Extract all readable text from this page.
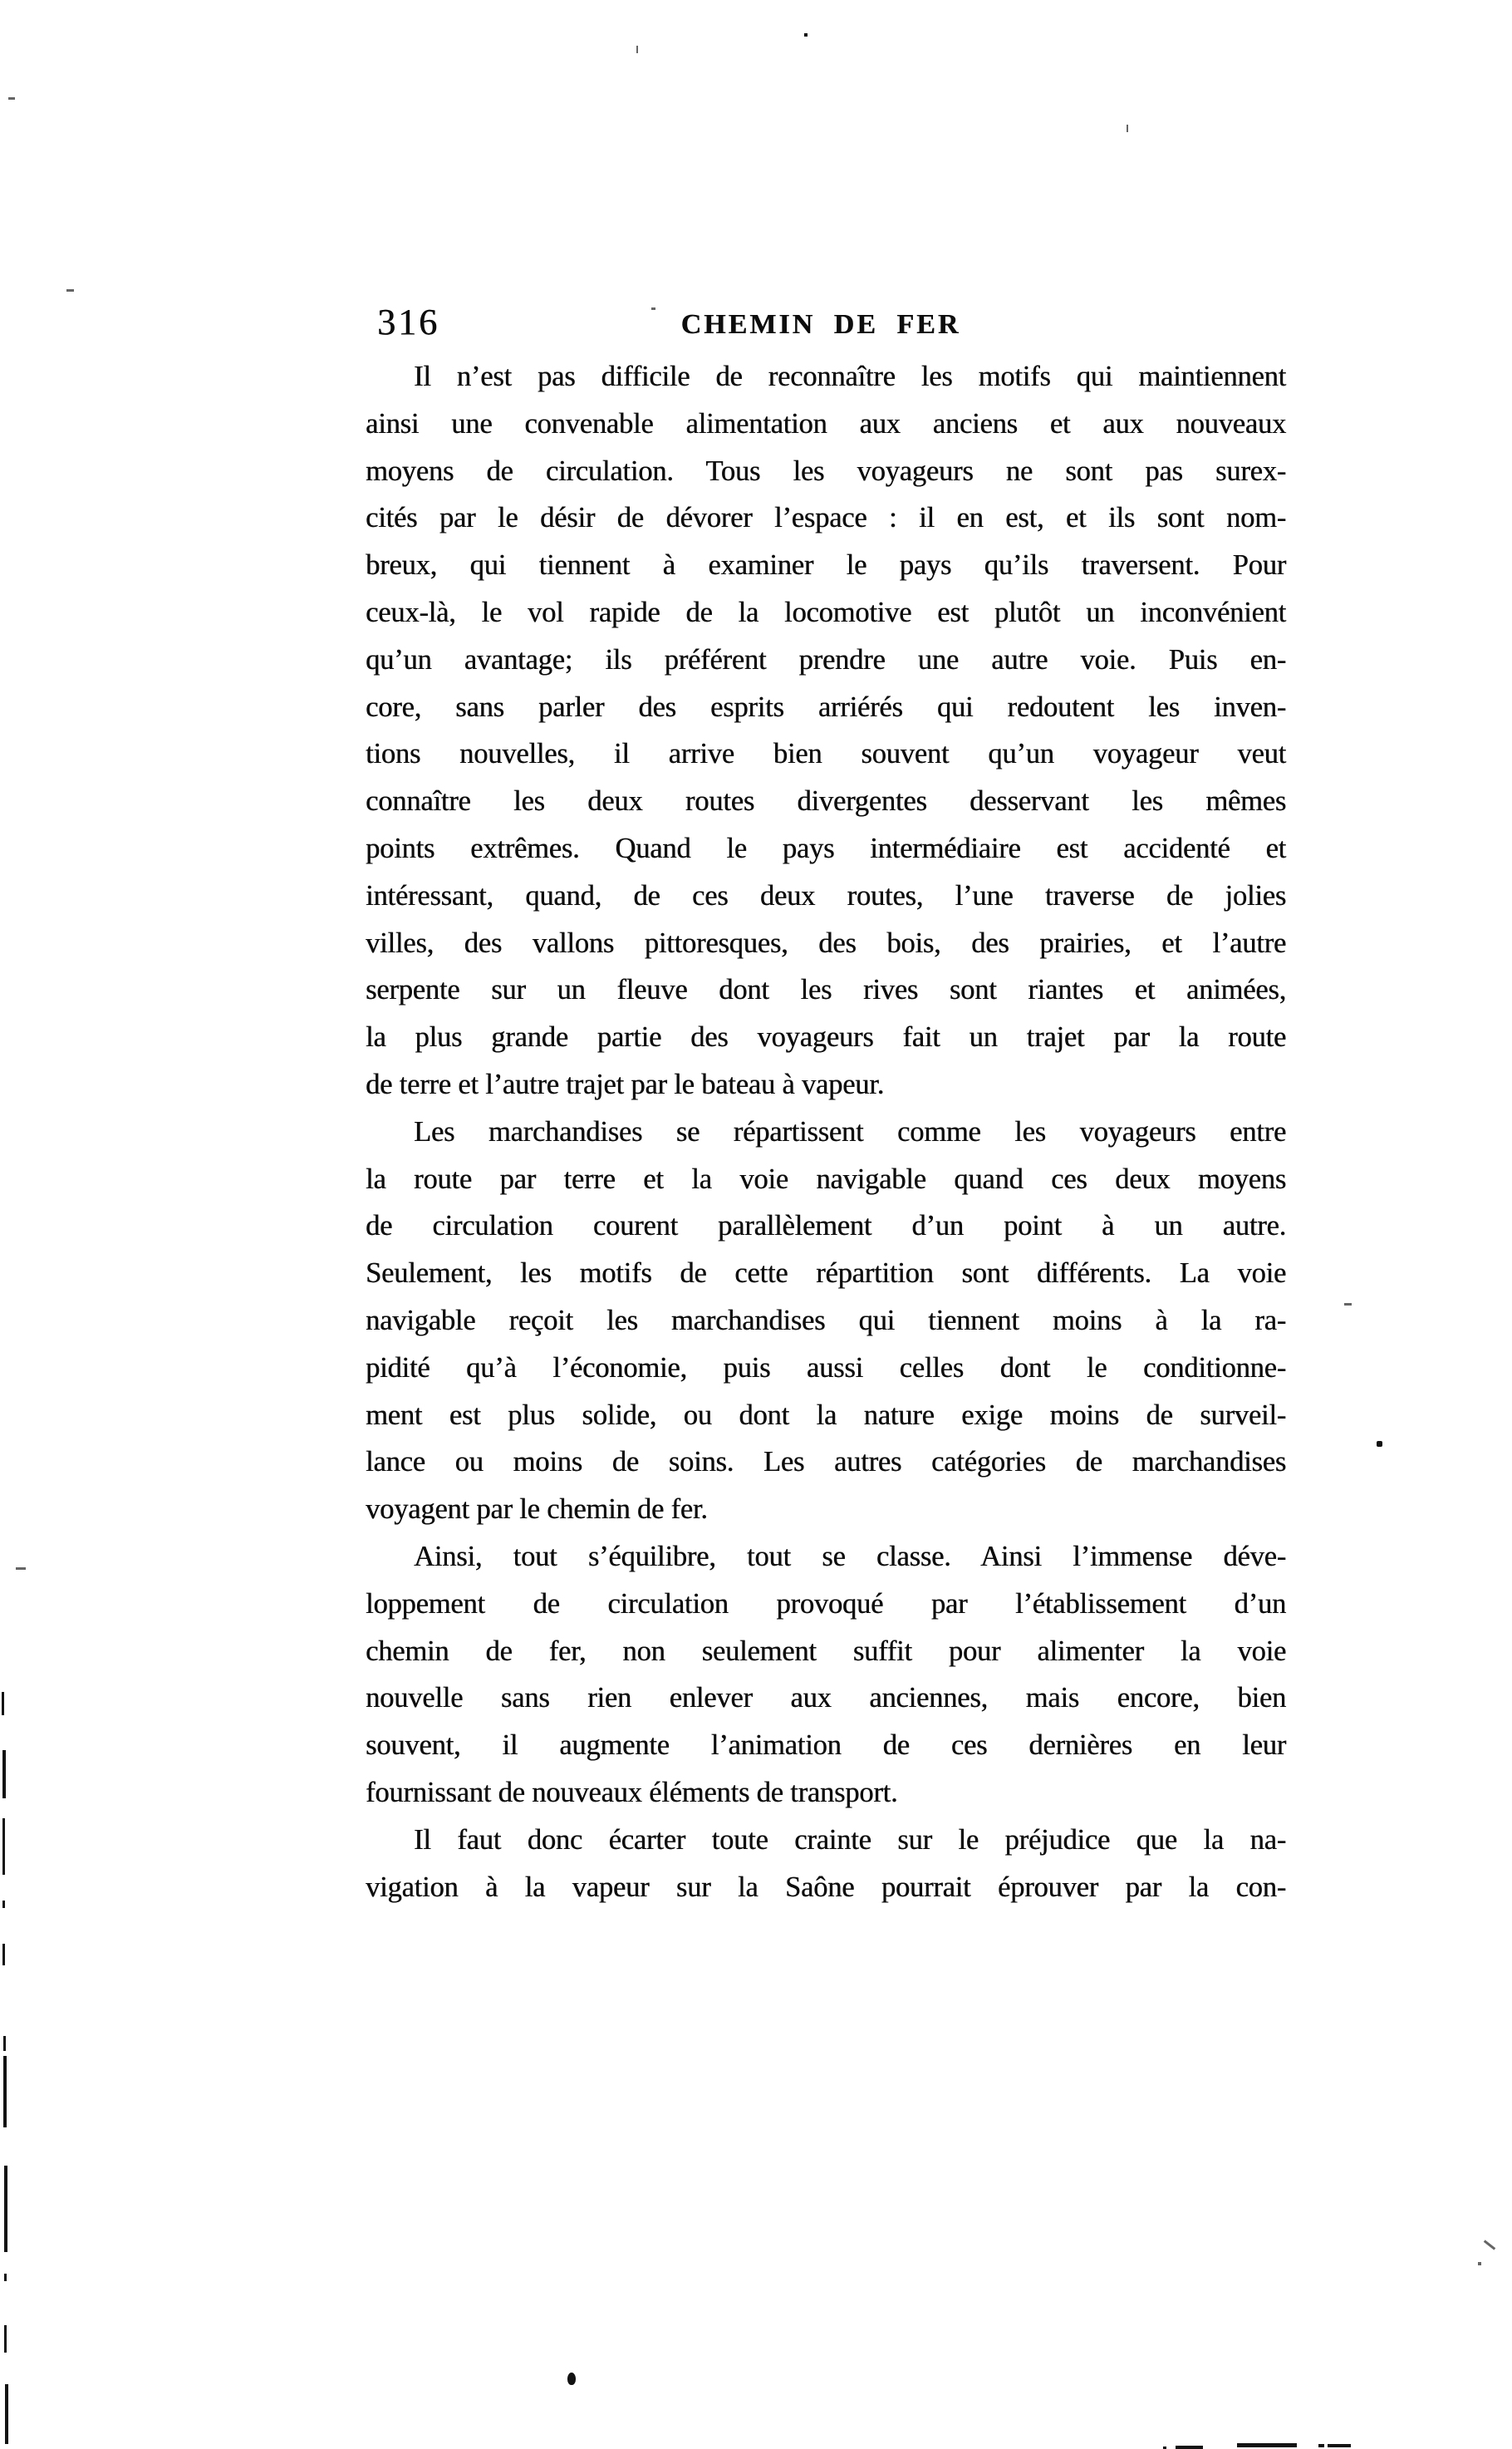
316	CHEMIN DE FER
Il n’est pas difficile de reconnaître les motifs qui maintiennent
ainsi une convenable alimentation aux anciens et aux nouveaux
moyens de circulation. Tous les voyageurs ne sont pas surex-
cités par le désir de dévorer l’espace : il en est, et ils sont nom-
breux, qui tiennent à examiner le pays qu’ils traversent. Pour
ceux-là, le vol rapide de la locomotive est plutôt un inconvénient
qu’un avantage; ils préférent prendre une autre voie. Puis en-
core, sans parler des esprits arriérés qui redoutent les inven-
tions nouvelles, il arrive bien souvent qu’un voyageur veut
connaître les deux routes divergentes desservant les mêmes
points extrêmes. Quand le pays intermédiaire est accidenté et
intéressant, quand, de ces deux routes, l’une traverse de jolies
villes, des vallons pittoresques, des bois, des prairies, et l’autre
serpente sur un fleuve dont les rives sont riantes et animées,
la plus grande partie des voyageurs fait un trajet par la route
de terre et l’autre trajet par le bateau à vapeur.
Les marchandises se répartissent comme les voyageurs entre
la route par terre et la voie navigable quand ces deux moyens
de circulation courent parallèlement d’un point à un autre.
Seulement, les motifs de cette répartition sont différents. La voie
navigable reçoit les marchandises qui tiennent moins à la ra-
pidité qu’à l’économie, puis aussi celles dont le conditionne-
ment est plus solide, ou dont la nature exige moins de surveil-
lance ou moins de soins. Les autres catégories de marchandises
voyagent par le chemin de fer.
Ainsi, tout s’équilibre, tout se classe. Ainsi l’immense déve-
loppement de circulation provoqué par l’établissement d’un
chemin de fer, non seulement suffit pour alimenter la voie
nouvelle sans rien enlever aux anciennes, mais encore, bien
souvent, il augmente l’animation de ces dernières en leur
fournissant de nouveaux éléments de transport.
Il faut donc écarter toute crainte sur le préjudice que la na-
vigation à la vapeur sur la Saône pourrait éprouver par la con-
